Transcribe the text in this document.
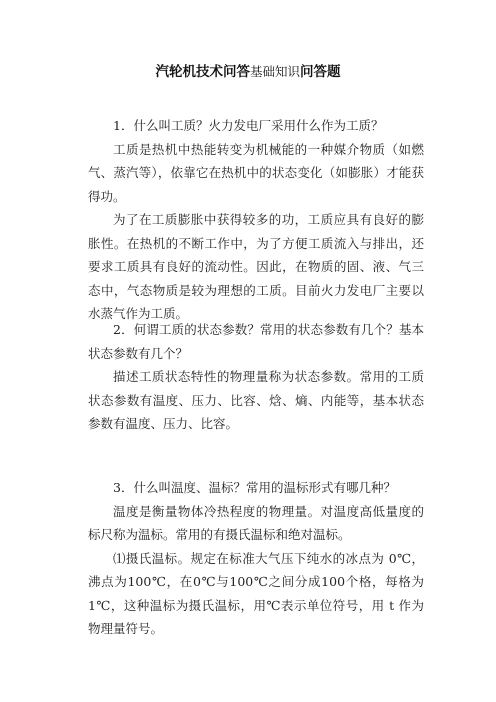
汽轮机技术问答基础知识问答题

1．什么叫工质？火力发电厂采用什么作为工质？

工质是热机中热能转变为机械能的一种媒介物质（如燃气、蒸汽等），依靠它在热机中的状态变化（如膨胀）才能获得功。

为了在工质膨胀中获得较多的功，工质应具有良好的膨胀性。在热机的不断工作中，为了方便工质流入与排出，还要求工质具有良好的流动性。因此，在物质的固、液、气三态中，气态物质是较为理想的工质。目前火力发电厂主要以水蒸气作为工质。

2．何谓工质的状态参数？常用的状态参数有几个？基本状态参数有几个？

描述工质状态特性的物理量称为状态参数。常用的工质状态参数有温度、压力、比容、焓、熵、内能等，基本状态参数有温度、压力、比容。

3．什么叫温度、温标？常用的温标形式有哪几种？

温度是衡量物体冷热程度的物理量。对温度高低量度的标尺称为温标。常用的有摄氏温标和绝对温标。

⑴摄氏温标。规定在标准大气压下纯水的冰点为 0℃，沸点为100℃，在0℃与100℃之间分成100个格，每格为1℃，这种温标为摄氏温标，用℃表示单位符号，用 t 作为物理量符号。
